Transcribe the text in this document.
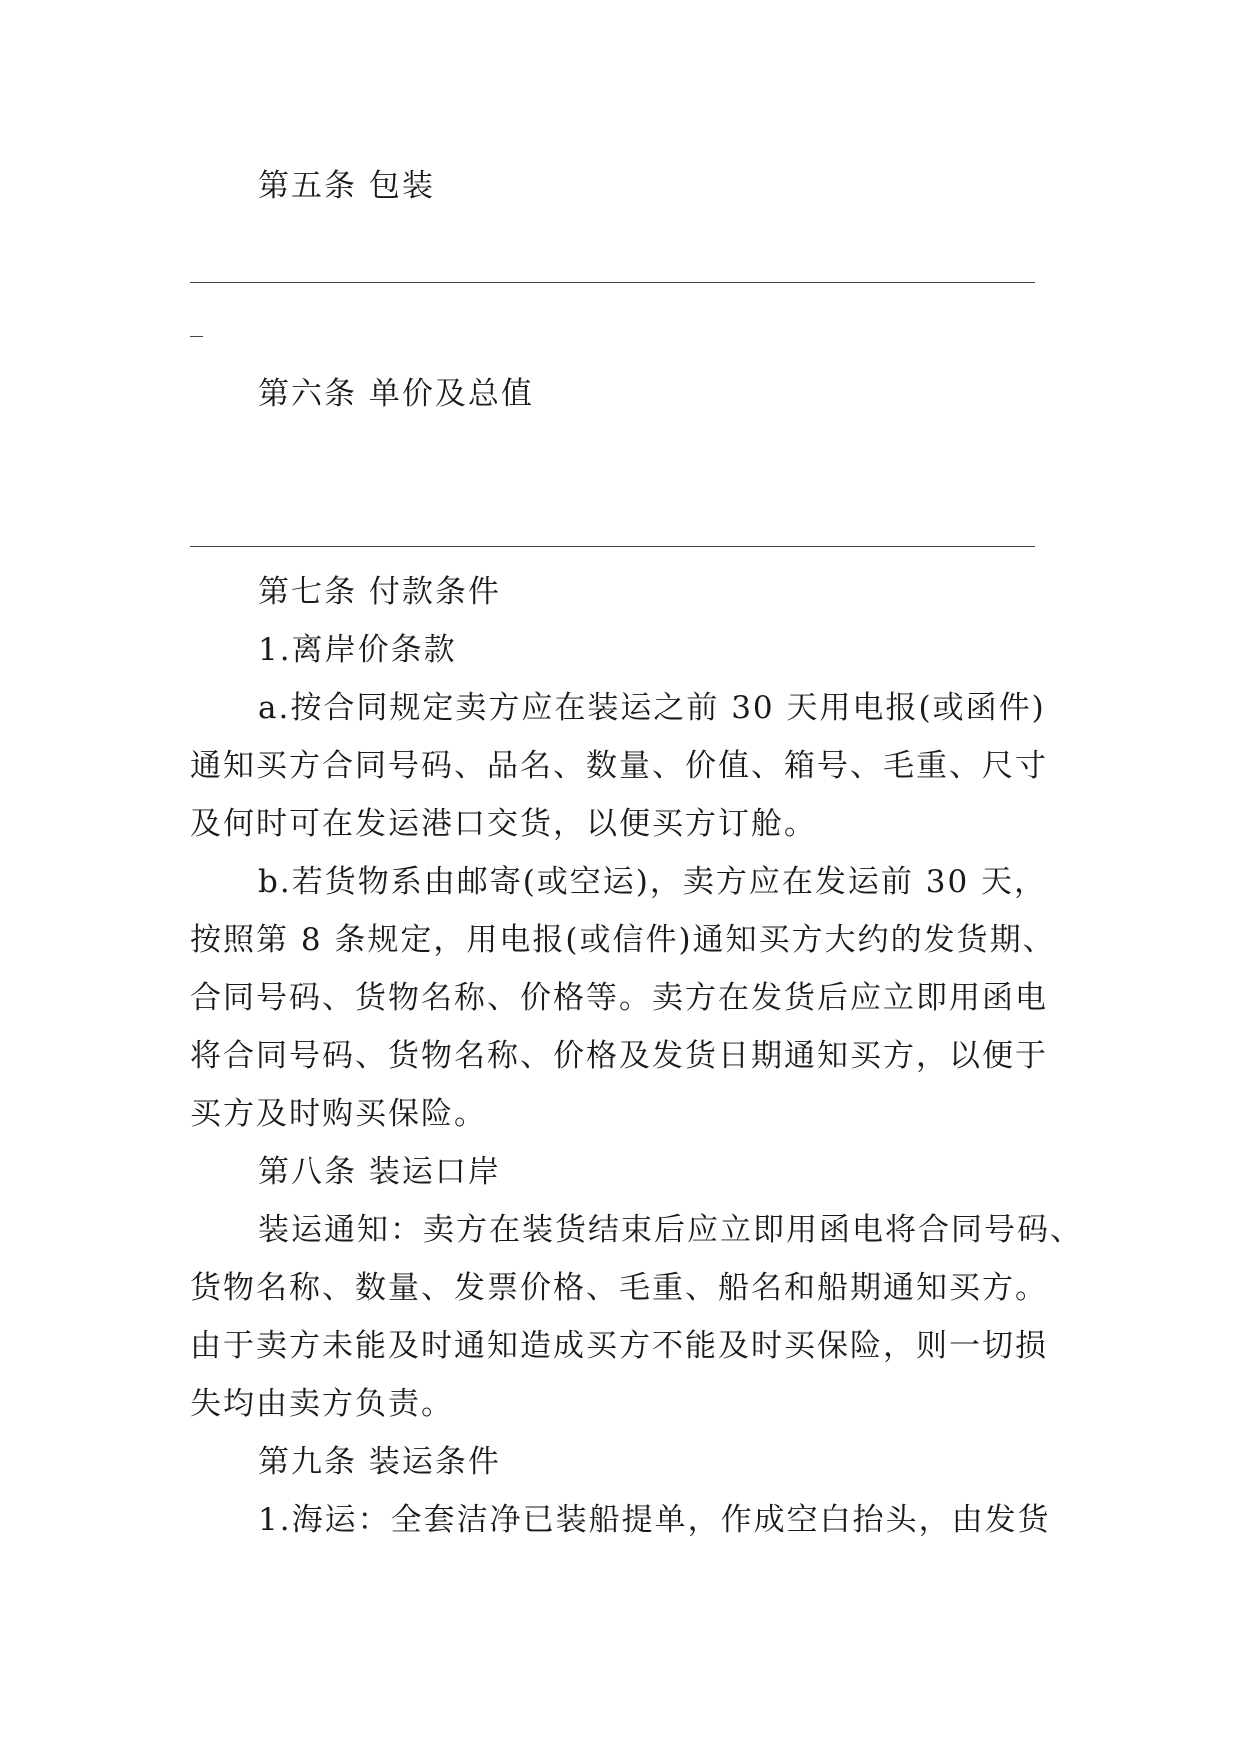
第五条 包装
第六条 单价及总值
第七条 付款条件
1.离岸价条款
a.按合同规定卖方应在装运之前 30 天用电报(或函件)
通知买方合同号码、品名、数量、价值、箱号、毛重、尺寸
及何时可在发运港口交货，以便买方订舱。
b.若货物系由邮寄(或空运)，卖方应在发运前 30 天，
按照第 8 条规定，用电报(或信件)通知买方大约的发货期、
合同号码、货物名称、价格等。卖方在发货后应立即用函电
将合同号码、货物名称、价格及发货日期通知买方，以便于
买方及时购买保险。
第八条 装运口岸
装运通知：卖方在装货结束后应立即用函电将合同号码、
货物名称、数量、发票价格、毛重、船名和船期通知买方。
由于卖方未能及时通知造成买方不能及时买保险，则一切损
失均由卖方负责。
第九条 装运条件
1.海运：全套洁净已装船提单，作成空白抬头，由发货
